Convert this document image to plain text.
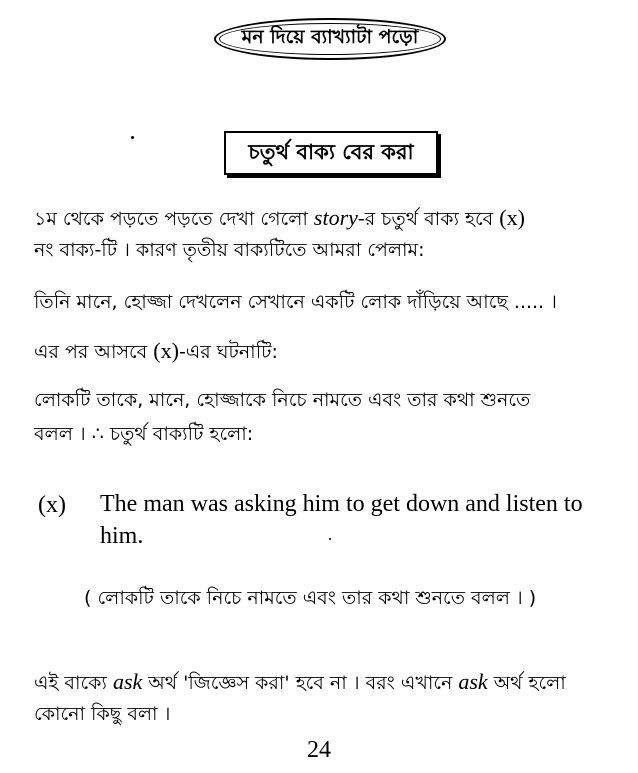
মন দিয়ে ব্যাখ্যাটা পড়ো
চতুর্থ বাক্য বের করা
১ম থেকে পড়তে পড়তে দেখা গেলো story-র চতুর্থ বাক্য হবে (x)
নং বাক্য-টি । কারণ তৃতীয় বাক্যটিতে আমরা পেলাম:
তিনি মানে, হোজ্জা দেখলেন সেখানে একটি লোক দাঁড়িয়ে আছে ..... ।
এর পর আসবে (x)-এর ঘটনাটি:
লোকটি তাকে, মানে, হোজ্জাকে নিচে নামতে এবং তার কথা শুনতে
বলল । ∴ চতুর্থ বাক্যটি হলো:
(x) The man was asking him to get down and listen to him.
( লোকটি তাকে নিচে নামতে এবং তার কথা শুনতে বলল । )
এই বাক্যে ask অর্থ 'জিজ্ঞেস করা' হবে না । বরং এখানে ask অর্থ হলো
কোনো কিছু বলা ।
24
